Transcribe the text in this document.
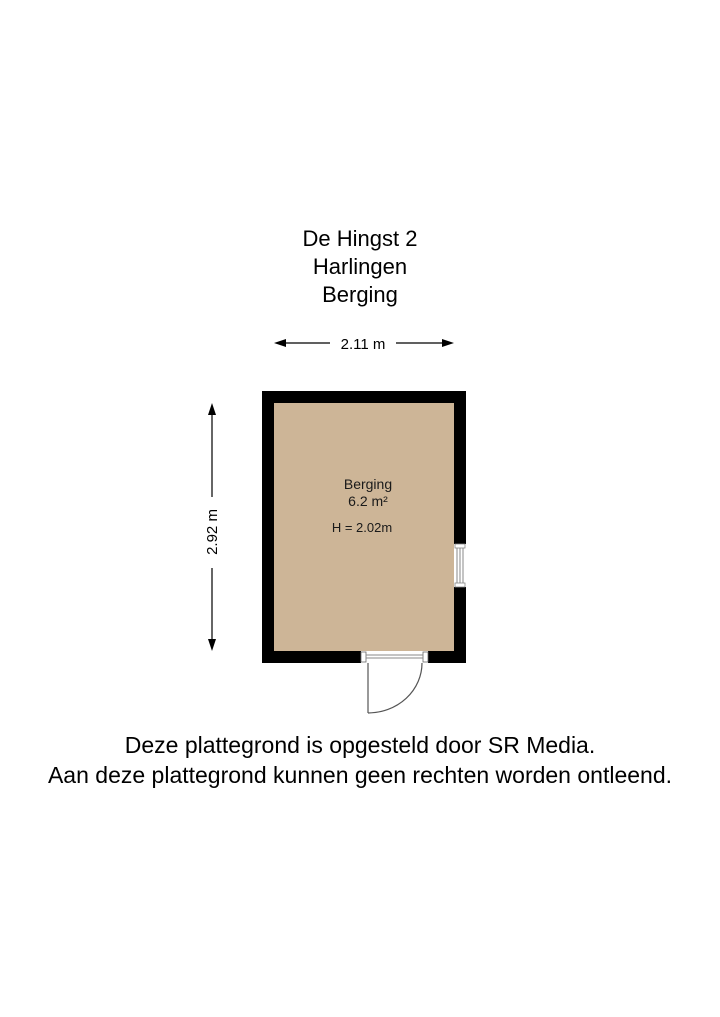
De Hingst 2
Harlingen
Berging
2.11 m
2.92 m
Berging
6.2 m²
H = 2.02m
Deze plattegrond is opgesteld door SR Media.
Aan deze plattegrond kunnen geen rechten worden ontleend.
